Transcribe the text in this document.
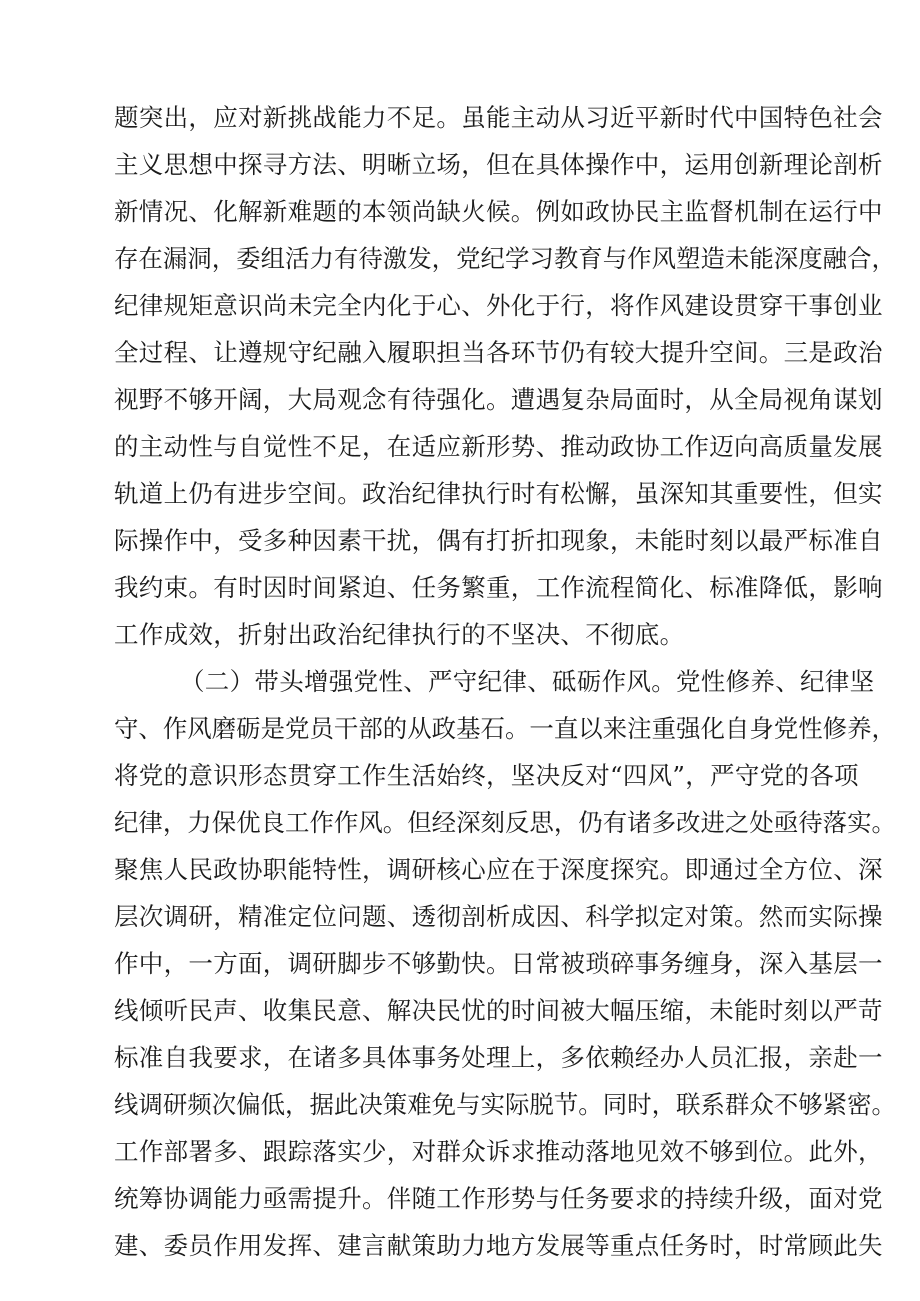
题突出，应对新挑战能力不足。虽能主动从习近平新时代中国特色社会

主义思想中探寻方法、明晰立场，但在具体操作中，运用创新理论剖析

新情况、化解新难题的本领尚缺火候。例如政协民主监督机制在运行中

存在漏洞，委组活力有待激发，党纪学习教育与作风塑造未能深度融合，

纪律规矩意识尚未完全内化于心、外化于行，将作风建设贯穿干事创业

全过程、让遵规守纪融入履职担当各环节仍有较大提升空间。三是政治

视野不够开阔，大局观念有待强化。遭遇复杂局面时，从全局视角谋划

的主动性与自觉性不足，在适应新形势、推动政协工作迈向高质量发展

轨道上仍有进步空间。政治纪律执行时有松懈，虽深知其重要性，但实

际操作中，受多种因素干扰，偶有打折扣现象，未能时刻以最严标准自

我约束。有时因时间紧迫、任务繁重，工作流程简化、标准降低，影响

工作成效，折射出政治纪律执行的不坚决、不彻底。

（二）带头增强党性、严守纪律、砥砺作风。党性修养、纪律坚

守、作风磨砺是党员干部的从政基石。一直以来注重强化自身党性修养，

将党的意识形态贯穿工作生活始终，坚决反对“四风”，严守党的各项

纪律，力保优良工作作风。但经深刻反思，仍有诸多改进之处亟待落实。

聚焦人民政协职能特性，调研核心应在于深度探究。即通过全方位、深

层次调研，精准定位问题、透彻剖析成因、科学拟定对策。然而实际操

作中，一方面，调研脚步不够勤快。日常被琐碎事务缠身，深入基层一

线倾听民声、收集民意、解决民忧的时间被大幅压缩，未能时刻以严苛

标准自我要求，在诸多具体事务处理上，多依赖经办人员汇报，亲赴一

线调研频次偏低，据此决策难免与实际脱节。同时，联系群众不够紧密。

工作部署多、跟踪落实少，对群众诉求推动落地见效不够到位。此外，

统筹协调能力亟需提升。伴随工作形势与任务要求的持续升级，面对党

建、委员作用发挥、建言献策助力地方发展等重点任务时，时常顾此失
